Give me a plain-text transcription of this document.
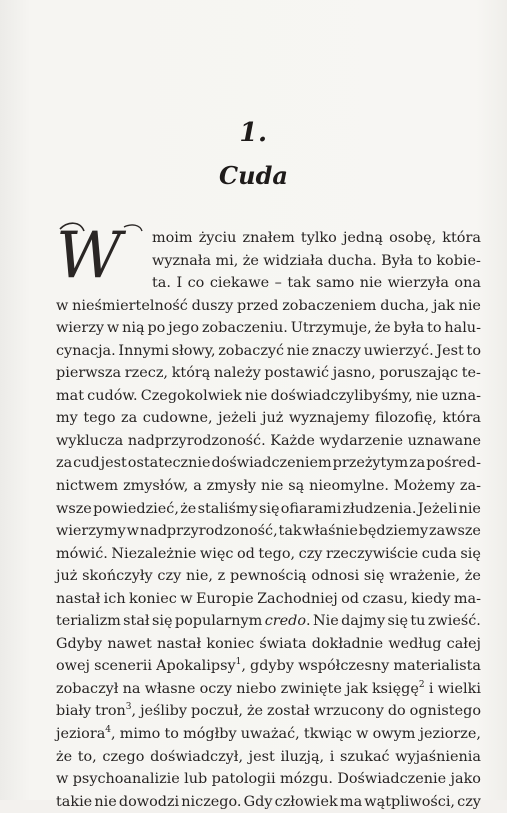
1.
Cuda
W	moim życiu znałem tylko jedną osobę, która
wyznała mi, że widziała ducha. Była to kobie-
ta. I co ciekawe – tak samo nie wierzyła ona
w nieśmiertelność duszy przed zobaczeniem ducha, jak nie
wierzy w nią po jego zobaczeniu. Utrzymuje, że była to halu-
cynacja. Innymi słowy, zobaczyć nie znaczy uwierzyć. Jest to
pierwsza rzecz, którą należy postawić jasno, poruszając te-
mat cudów. Czegokolwiek nie doświadczylibyśmy, nie uzna-
my tego za cudowne, jeżeli już wyznajemy filozofię, która
wyklucza nadprzyrodzoność. Każde wydarzenie uznawane
za cud jest ostatecznie doświadczeniem przeżytym za pośred-
nictwem zmysłów, a zmysły nie są nieomylne. Możemy za-
wsze powiedzieć, że staliśmy się ofiarami złudzenia. Jeżeli nie
wierzymy w nadprzyrodzoność, tak właśnie będziemy zawsze
mówić. Niezależnie więc od tego, czy rzeczywiście cuda się
już skończyły czy nie, z pewnością odnosi się wrażenie, że
nastał ich koniec w Europie Zachodniej od czasu, kiedy ma-
terializm stał się popularnym credo. Nie dajmy się tu zwieść.
Gdyby nawet nastał koniec świata dokładnie według całej
owej scenerii Apokalipsy$^1$, gdyby współczesny materialista
zobaczył na własne oczy niebo zwinięte jak księgę$^2$ i wielki
biały tron$^3$, jeśliby poczuł, że został wrzucony do ognistego
jeziora$^4$, mimo to mógłby uważać, tkwiąc w owym jeziorze,
że to, czego doświadczył, jest iluzją, i szukać wyjaśnienia
w psychoanalizie lub patologii mózgu. Doświadczenie jako
takie nie dowodzi niczego. Gdy człowiek ma wątpliwości, czy
